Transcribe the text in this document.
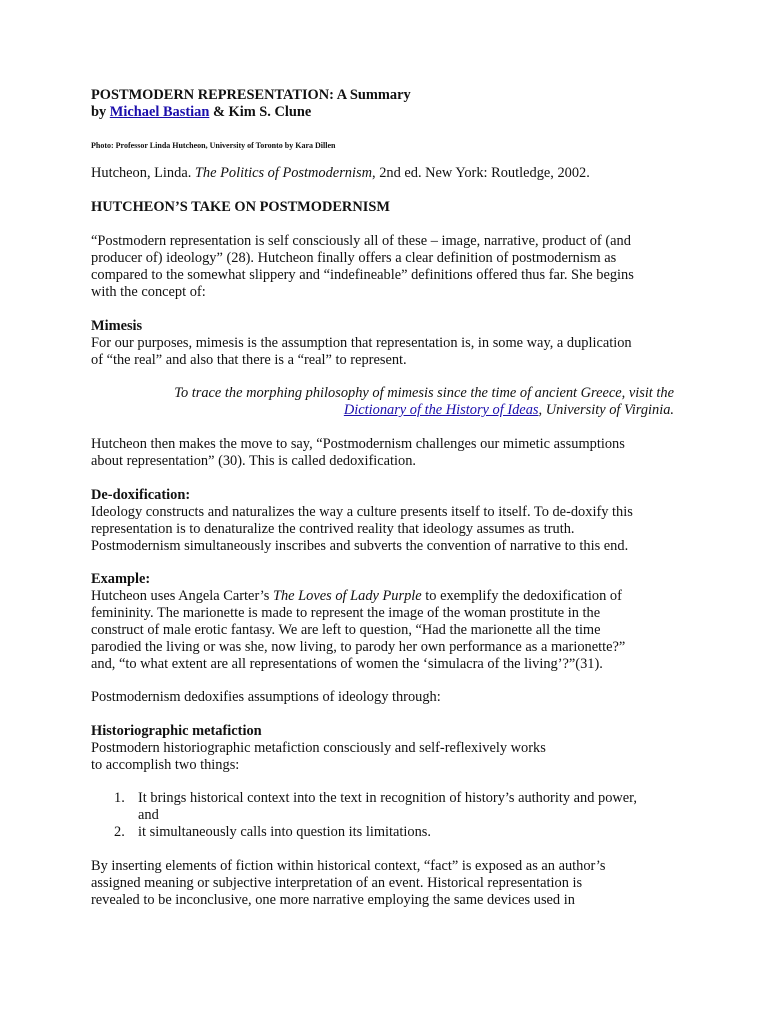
POSTMODERN REPRESENTATION: A Summary
by Michael Bastian & Kim S. Clune
Photo: Professor Linda Hutcheon, University of Toronto by Kara Dillen
Hutcheon, Linda. The Politics of Postmodernism, 2nd ed. New York: Routledge, 2002.
HUTCHEON’S TAKE ON POSTMODERNISM
“Postmodern representation is self consciously all of these – image, narrative, product of (and
producer of) ideology” (28). Hutcheon finally offers a clear definition of postmodernism as
compared to the somewhat slippery and “indefineable” definitions offered thus far. She begins
with the concept of:
Mimesis
For our purposes, mimesis is the assumption that representation is, in some way, a duplication
of “the real” and also that there is a “real” to represent.
To trace the morphing philosophy of mimesis since the time of ancient Greece, visit the
Dictionary of the History of Ideas, University of Virginia.
Hutcheon then makes the move to say, “Postmodernism challenges our mimetic assumptions
about representation” (30). This is called dedoxification.
De-doxification:
Ideology constructs and naturalizes the way a culture presents itself to itself. To de-doxify this
representation is to denaturalize the contrived reality that ideology assumes as truth.
Postmodernism simultaneously inscribes and subverts the convention of narrative to this end.
Example:
Hutcheon uses Angela Carter’s The Loves of Lady Purple to exemplify the dedoxification of
femininity. The marionette is made to represent the image of the woman prostitute in the
construct of male erotic fantasy. We are left to question, “Had the marionette all the time
parodied the living or was she, now living, to parody her own performance as a marionette?”
and, “to what extent are all representations of women the ‘simulacra of the living’?”(31).
Postmodernism dedoxifies assumptions of ideology through:
Historiographic metafiction
Postmodern historiographic metafiction consciously and self-reflexively works
to accomplish two things:
1. It brings historical context into the text in recognition of history’s authority and power,
and
2. it simultaneously calls into question its limitations.
By inserting elements of fiction within historical context, “fact” is exposed as an author’s
assigned meaning or subjective interpretation of an event. Historical representation is
revealed to be inconclusive, one more narrative employing the same devices used in
